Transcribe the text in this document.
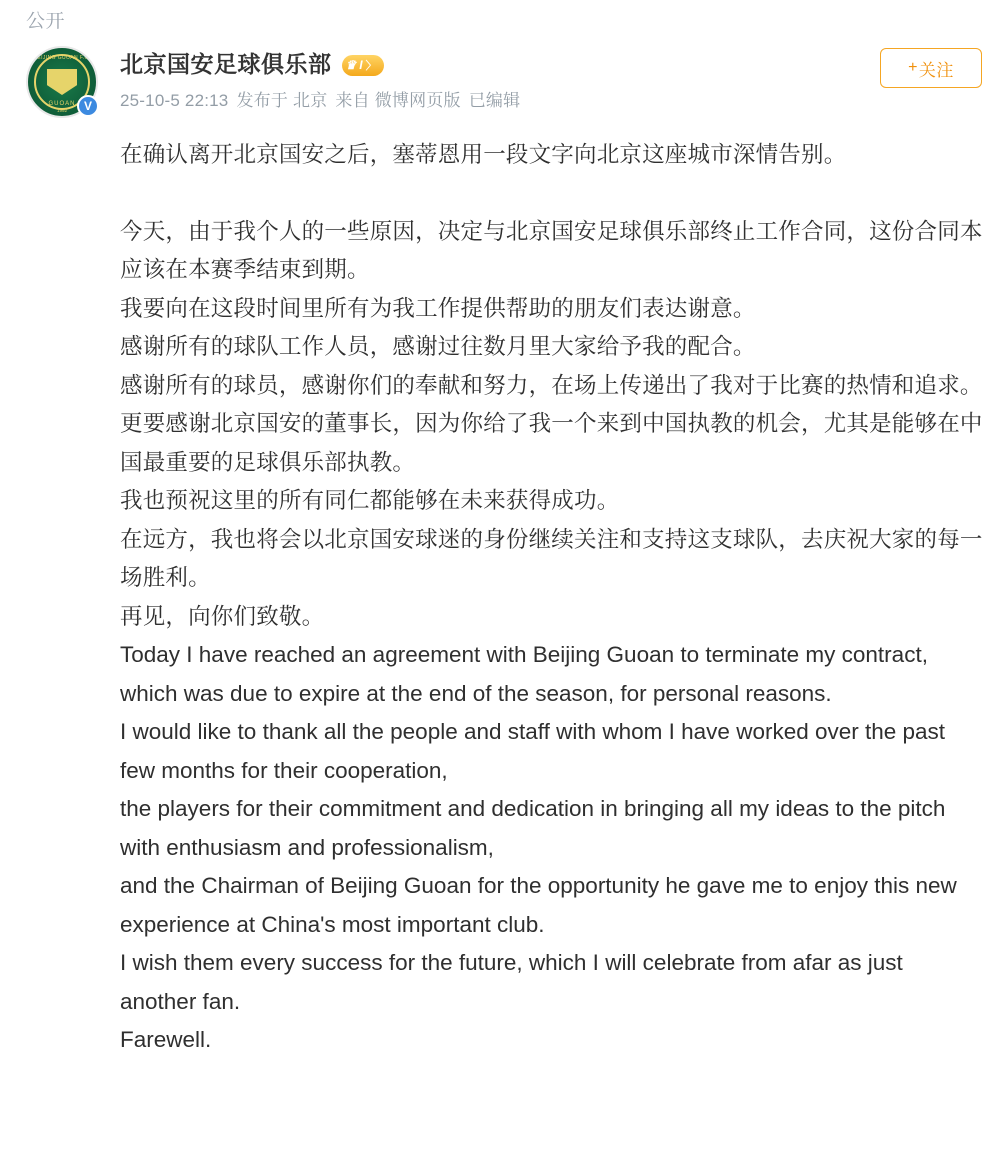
公开
BEIJING GUOAN F.C.
GUOAN
1992	V
北京国安足球俱乐部 ♛ I 〉
25-10-5 22:13 发布于 北京 来自 微博网页版 已编辑
+ 关注

在确认离开北京国安之后，塞蒂恩用一段文字向北京这座城市深情告别。

今天，由于我个人的一些原因，决定与北京国安足球俱乐部终止工作合同，这份合同本应该在本赛季结束到期。

我要向在这段时间里所有为我工作提供帮助的朋友们表达谢意。

感谢所有的球队工作人员，感谢过往数月里大家给予我的配合。

感谢所有的球员，感谢你们的奉献和努力，在场上传递出了我对于比赛的热情和追求。

更要感谢北京国安的董事长，因为你给了我一个来到中国执教的机会，尤其是能够在中国最重要的足球俱乐部执教。

我也预祝这里的所有同仁都能够在未来获得成功。

在远方，我也将会以北京国安球迷的身份继续关注和支持这支球队，去庆祝大家的每一场胜利。

再见，向你们致敬。

Today I have reached an agreement with Beijing Guoan to terminate my contract, which was due to expire at the end of the season, for personal reasons.

I would like to thank all the people and staff with whom I have worked over the past few months for their cooperation,

the players for their commitment and dedication in bringing all my ideas to the pitch with enthusiasm and professionalism,

and the Chairman of Beijing Guoan for the opportunity he gave me to enjoy this new experience at China's most important club.

I wish them every success for the future, which I will celebrate from afar as just another fan.

Farewell.
